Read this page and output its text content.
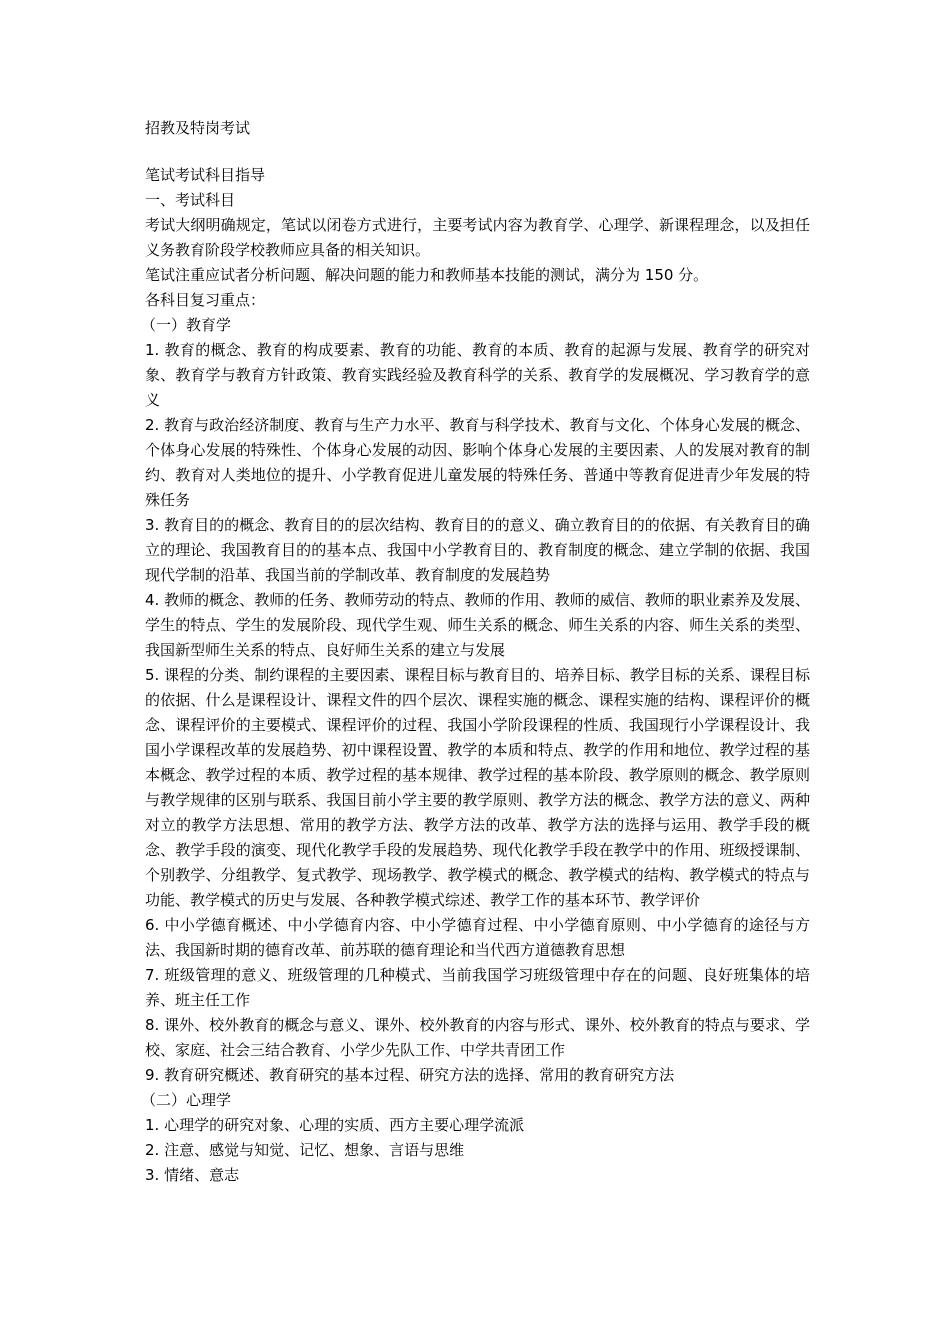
招教及特岗考试

笔试考试科目指导

一、考试科目

考试大纲明确规定，笔试以闭卷方式进行，主要考试内容为教育学、心理学、新课程理念，以及担任义务教育阶段学校教师应具备的相关知识。

笔试注重应试者分析问题、解决问题的能力和教师基本技能的测试，满分为 150 分。

各科目复习重点：

（一）教育学

1. 教育的概念、教育的构成要素、教育的功能、教育的本质、教育的起源与发展、教育学的研究对象、教育学与教育方针政策、教育实践经验及教育科学的关系、教育学的发展概况、学习教育学的意义

2. 教育与政治经济制度、教育与生产力水平、教育与科学技术、教育与文化、个体身心发展的概念、个体身心发展的特殊性、个体身心发展的动因、影响个体身心发展的主要因素、人的发展对教育的制约、教育对人类地位的提升、小学教育促进儿童发展的特殊任务、普通中等教育促进青少年发展的特殊任务

3. 教育目的的概念、教育目的的层次结构、教育目的的意义、确立教育目的的依据、有关教育目的确立的理论、我国教育目的的基本点、我国中小学教育目的、教育制度的概念、建立学制的依据、我国现代学制的沿革、我国当前的学制改革、教育制度的发展趋势

4. 教师的概念、教师的任务、教师劳动的特点、教师的作用、教师的威信、教师的职业素养及发展、学生的特点、学生的发展阶段、现代学生观、师生关系的概念、师生关系的内容、师生关系的类型、我国新型师生关系的特点、良好师生关系的建立与发展

5. 课程的分类、制约课程的主要因素、课程目标与教育目的、培养目标、教学目标的关系、课程目标的依据、什么是课程设计、课程文件的四个层次、课程实施的概念、课程实施的结构、课程评价的概念、课程评价的主要模式、课程评价的过程、我国小学阶段课程的性质、我国现行小学课程设计、我国小学课程改革的发展趋势、初中课程设置、教学的本质和特点、教学的作用和地位、教学过程的基本概念、教学过程的本质、教学过程的基本规律、教学过程的基本阶段、教学原则的概念、教学原则与教学规律的区别与联系、我国目前小学主要的教学原则、教学方法的概念、教学方法的意义、两种对立的教学方法思想、常用的教学方法、教学方法的改革、教学方法的选择与运用、教学手段的概念、教学手段的演变、现代化教学手段的发展趋势、现代化教学手段在教学中的作用、班级授课制、个别教学、分组教学、复式教学、现场教学、教学模式的概念、教学模式的结构、教学模式的特点与功能、教学模式的历史与发展、各种教学模式综述、教学工作的基本环节、教学评价

6. 中小学德育概述、中小学德育内容、中小学德育过程、中小学德育原则、中小学德育的途径与方法、我国新时期的德育改革、前苏联的德育理论和当代西方道德教育思想

7. 班级管理的意义、班级管理的几种模式、当前我国学习班级管理中存在的问题、良好班集体的培养、班主任工作

8. 课外、校外教育的概念与意义、课外、校外教育的内容与形式、课外、校外教育的特点与要求、学校、家庭、社会三结合教育、小学少先队工作、中学共青团工作

9. 教育研究概述、教育研究的基本过程、研究方法的选择、常用的教育研究方法

（二）心理学

1. 心理学的研究对象、心理的实质、西方主要心理学流派

2. 注意、感觉与知觉、记忆、想象、言语与思维

3. 情绪、意志
